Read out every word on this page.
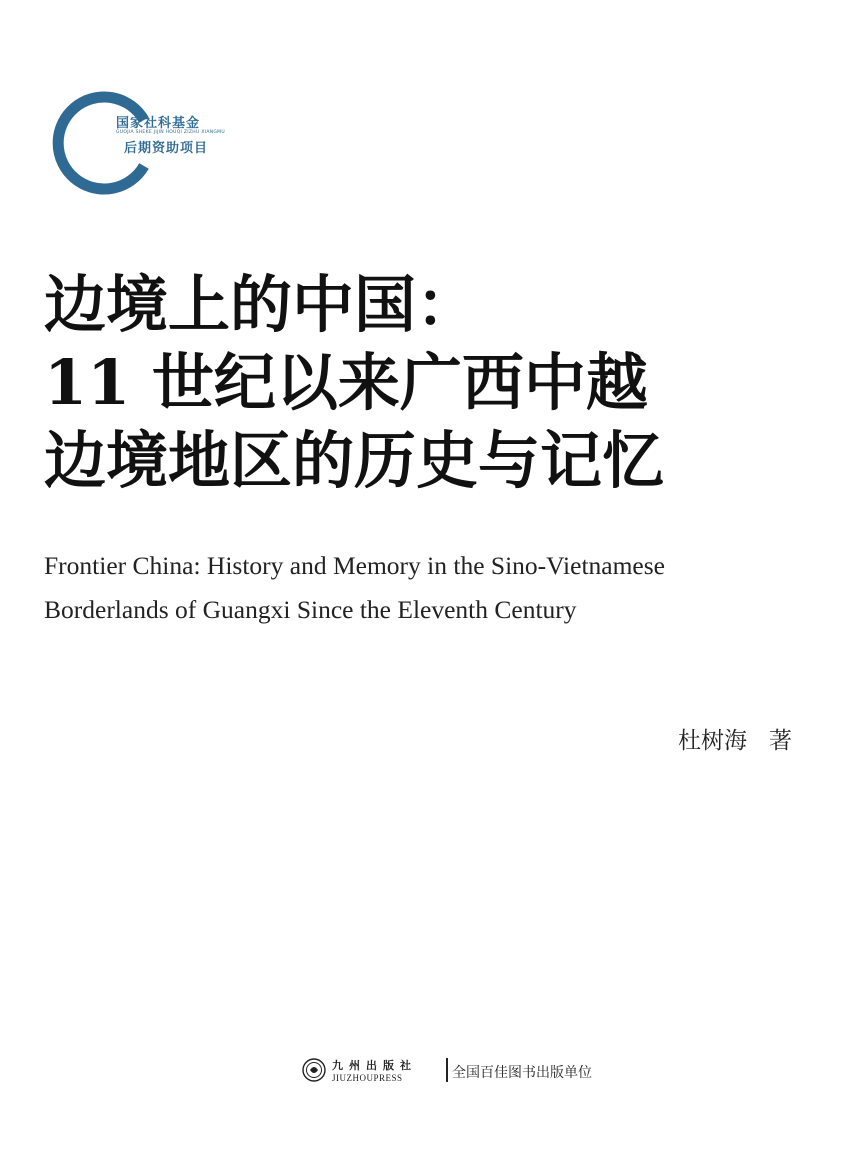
国家社科基金
GUOJIA SHEKE JIJIN HOUQI ZIZHU XIANGMU
后期资助项目
边境上的中国：
11 世纪以来广西中越
边境地区的历史与记忆
Frontier China: History and Memory in the Sino-Vietnamese
Borderlands of Guangxi Since the Eleventh Century
杜树海 著
九州出版社
JIUZHOUPRESS	全国百佳图书出版单位
